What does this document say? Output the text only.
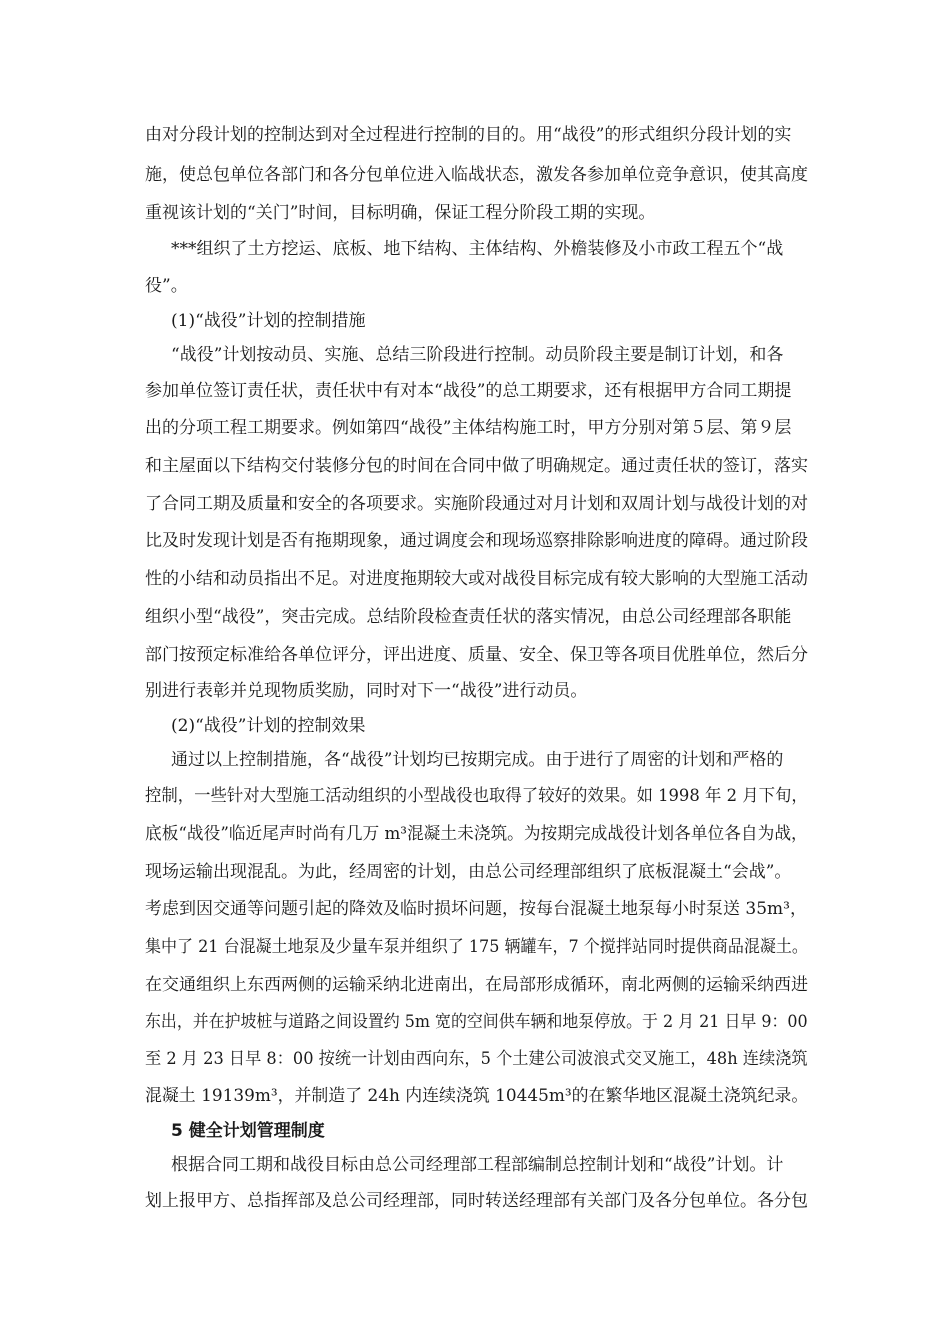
由对分段计划的控制达到对全过程进行控制的目的。用“战役”的形式组织分段计划的实
施，使总包单位各部门和各分包单位进入临战状态，激发各参加单位竞争意识，使其高度
重视该计划的“关门”时间，目标明确，保证工程分阶段工期的实现。
***组织了土方挖运、底板、地下结构、主体结构、外檐装修及小市政工程五个“战
役”。
(1)“战役”计划的控制措施
“战役”计划按动员、实施、总结三阶段进行控制。动员阶段主要是制订计划，和各
参加单位签订责任状，责任状中有对本“战役”的总工期要求，还有根据甲方合同工期提
出的分项工程工期要求。例如第四“战役”主体结构施工时，甲方分别对第５层、第９层
和主屋面以下结构交付装修分包的时间在合同中做了明确规定。通过责任状的签订，落实
了合同工期及质量和安全的各项要求。实施阶段通过对月计划和双周计划与战役计划的对
比及时发现计划是否有拖期现象，通过调度会和现场巡察排除影响进度的障碍。通过阶段
性的小结和动员指出不足。对进度拖期较大或对战役目标完成有较大影响的大型施工活动
组织小型“战役”，突击完成。总结阶段检查责任状的落实情况，由总公司经理部各职能
部门按预定标准给各单位评分，评出进度、质量、安全、保卫等各项目优胜单位，然后分
别进行表彰并兑现物质奖励，同时对下一“战役”进行动员。
(2)“战役”计划的控制效果
通过以上控制措施，各“战役”计划均已按期完成。由于进行了周密的计划和严格的
控制，一些针对大型施工活动组织的小型战役也取得了较好的效果。如 1998 年 2 月下旬，
底板“战役”临近尾声时尚有几万 m³混凝土未浇筑。为按期完成战役计划各单位各自为战，
现场运输出现混乱。为此，经周密的计划，由总公司经理部组织了底板混凝土“会战”。
考虑到因交通等问题引起的降效及临时损坏问题，按每台混凝土地泵每小时泵送 35m³，
集中了 21 台混凝土地泵及少量车泵并组织了 175 辆罐车，7 个搅拌站同时提供商品混凝土。
在交通组织上东西两侧的运输采纳北进南出，在局部形成循环，南北两侧的运输采纳西进
东出，并在护坡桩与道路之间设置约 5m 宽的空间供车辆和地泵停放。于 2 月 21 日早 9：00
至 2 月 23 日早 8：00 按统一计划由西向东，5 个土建公司波浪式交叉施工，48h 连续浇筑
混凝土 19139m³，并制造了 24h 内连续浇筑 10445m³的在繁华地区混凝土浇筑纪录。
5 健全计划管理制度
根据合同工期和战役目标由总公司经理部工程部编制总控制计划和“战役”计划。计
划上报甲方、总指挥部及总公司经理部，同时转送经理部有关部门及各分包单位。各分包
